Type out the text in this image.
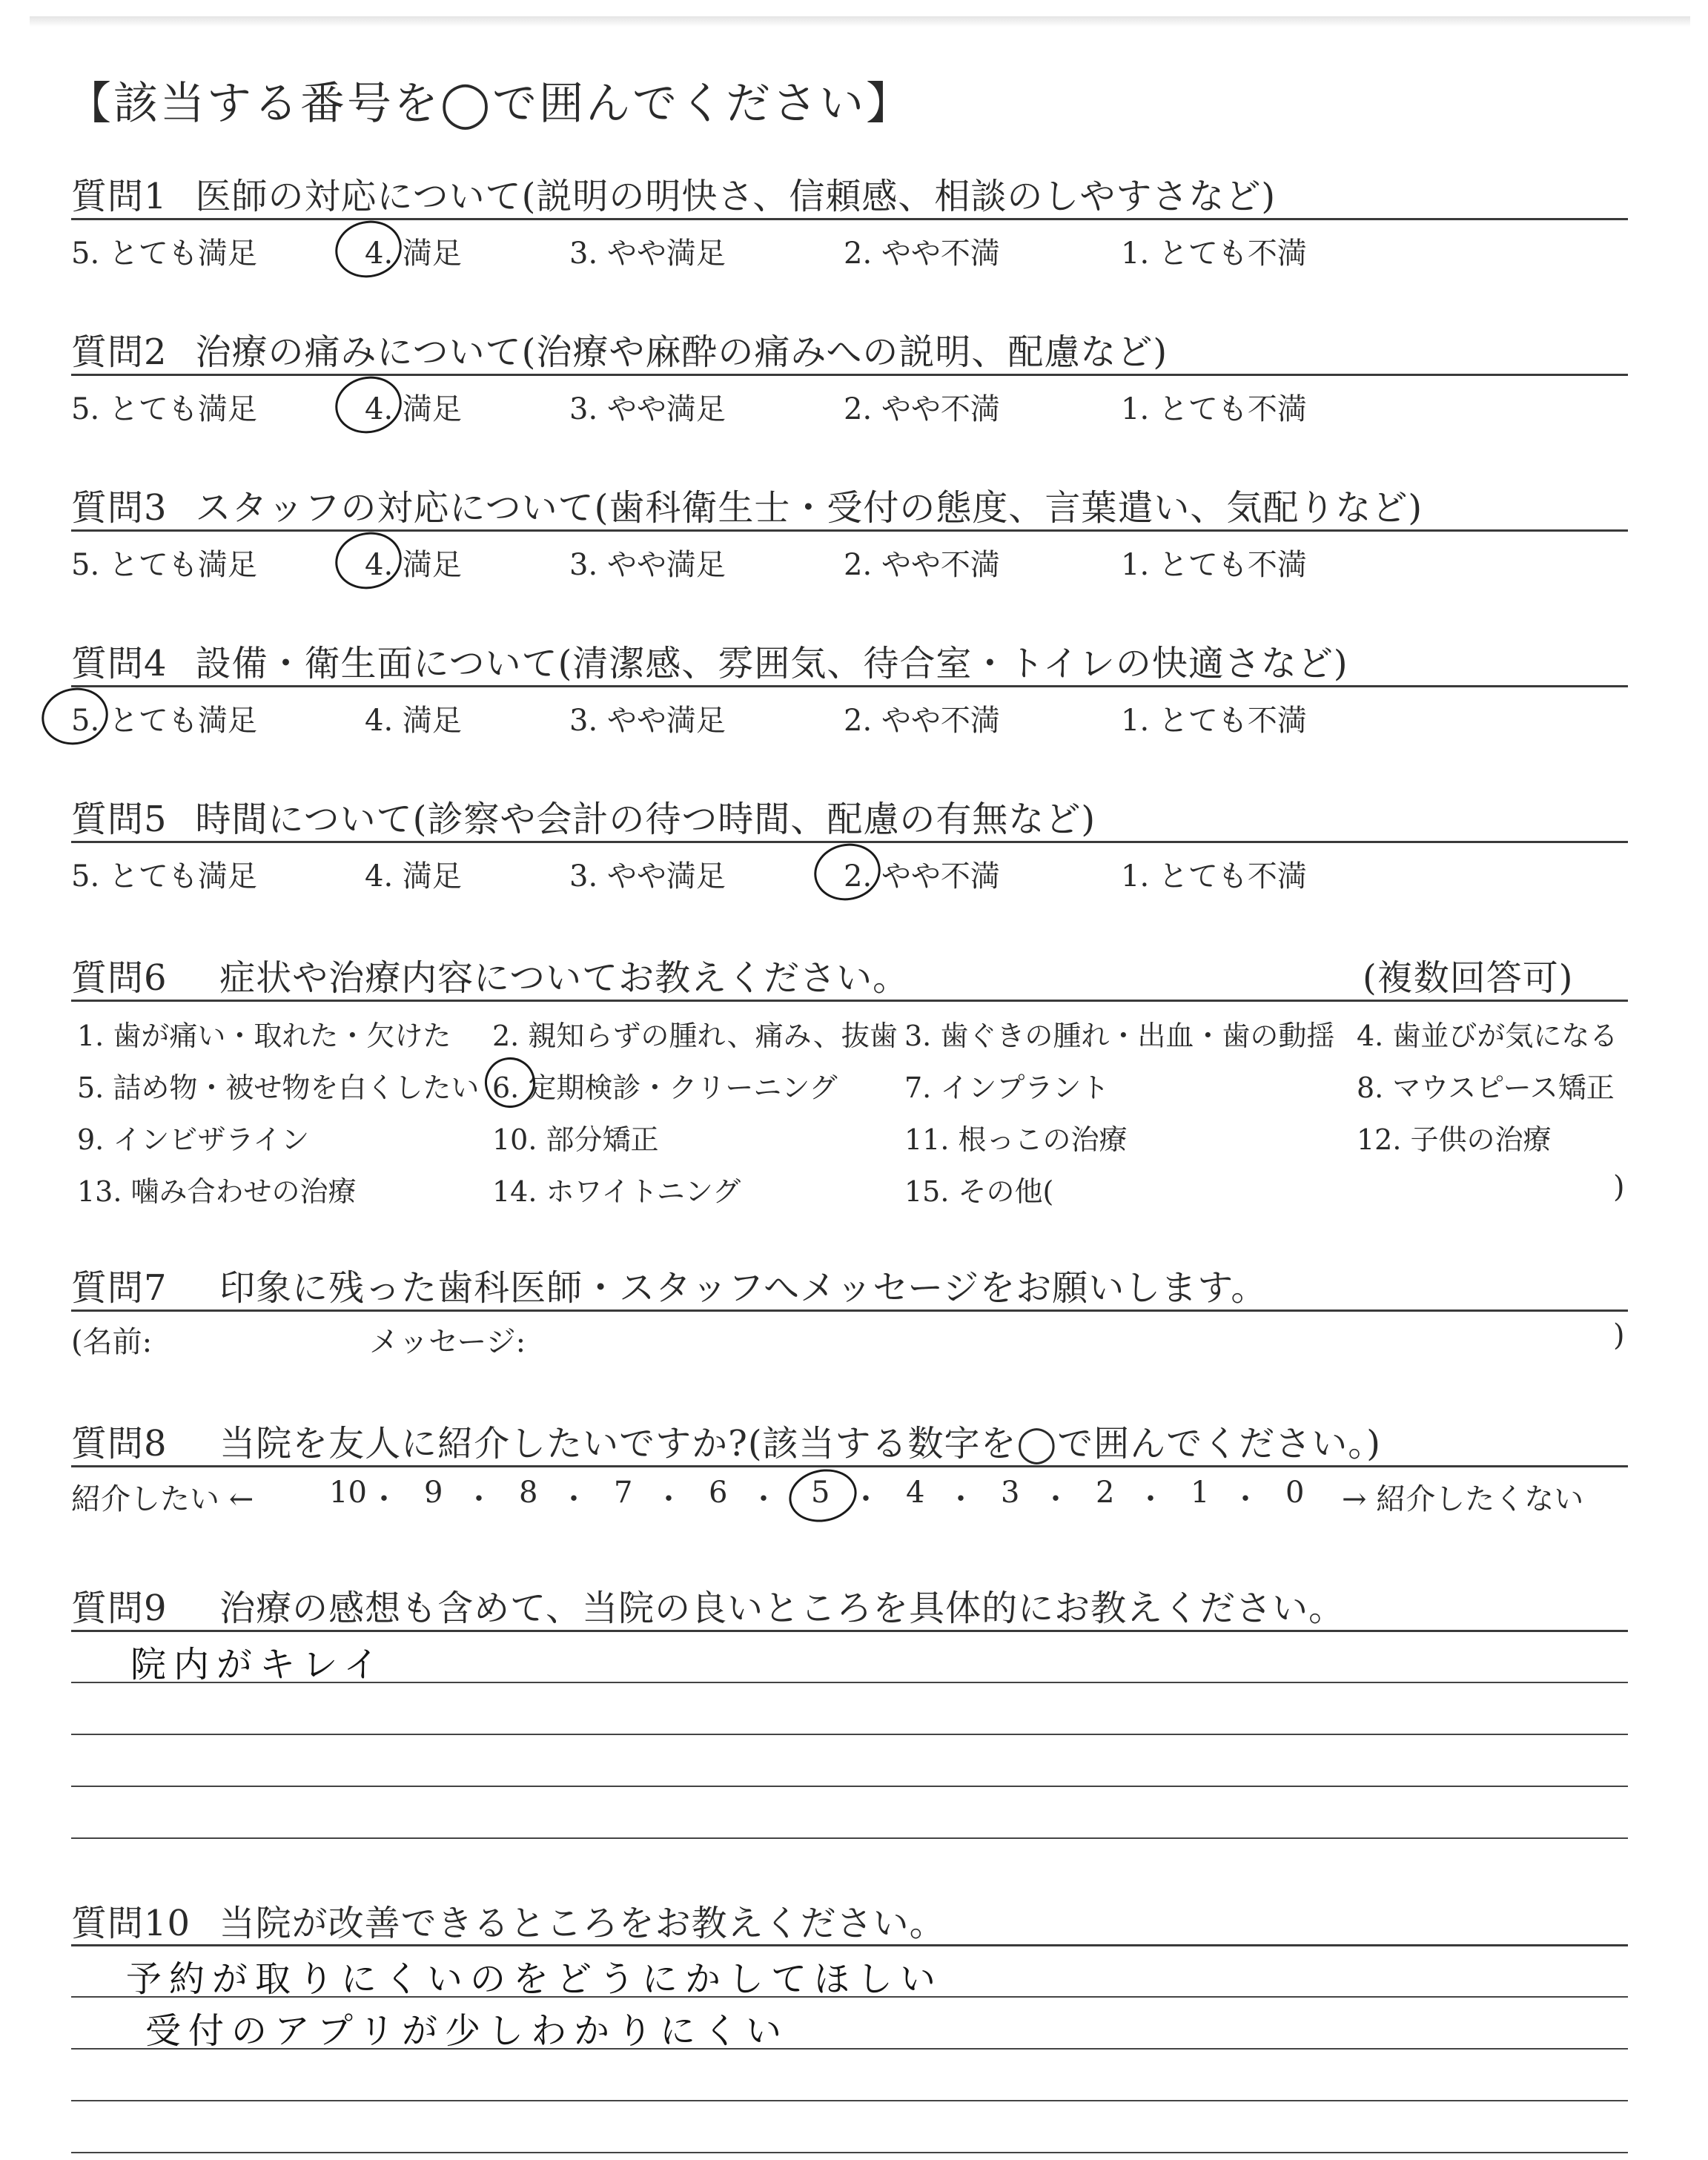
【該当する番号を◯で囲んでください】
質問1 医師の対応について(説明の明快さ、信頼感、相談のしやすさなど)
5. とても満足	4. 満足	3. やや満足	2. やや不満	1. とても不満
質問2 治療の痛みについて(治療や麻酔の痛みへの説明、配慮など)
5. とても満足	4. 満足	3. やや満足	2. やや不満	1. とても不満
質問3 スタッフの対応について(歯科衛生士・受付の態度、言葉遣い、気配りなど)
5. とても満足	4. 満足	3. やや満足	2. やや不満	1. とても不満
質問4 設備・衛生面について(清潔感、雰囲気、待合室・トイレの快適さなど)
5. とても満足	4. 満足	3. やや満足	2. やや不満	1. とても不満
質問5 時間について(診察や会計の待つ時間、配慮の有無など)
5. とても満足	4. 満足	3. やや満足	2. やや不満	1. とても不満
質問6 症状や治療内容についてお教えください。	(複数回答可)
1. 歯が痛い・取れた・欠けた 2. 親知らずの腫れ、痛み、抜歯 3. 歯ぐきの腫れ・出血・歯の動揺 4. 歯並びが気になる
5. 詰め物・被せ物を白くしたい 6. 定期検診・クリーニング 7. インプラント	8. マウスピース矯正
9. インビザライン	10. 部分矯正	11. 根っこの治療	12. 子供の治療
13. 噛み合わせの治療	14. ホワイトニング	15. その他(	)
質問7 印象に残った歯科医師・スタッフへメッセージをお願いします。
(名前:	メッセージ:	)
質問8 当院を友人に紹介したいですか?(該当する数字を◯で囲んでください。)
紹介したい ←	→ 紹介したくない
10 ・ 9 ・ 8 ・ 7 ・ 6 ・ 5 ・ 4 ・ 3 ・ 2 ・ 1 ・ 0
質問9 治療の感想も含めて、当院の良いところを具体的にお教えください。
院内がキレイ
質問10 当院が改善できるところをお教えください。
予約が取りにくいのをどうにかしてほしい
受付のアプリが少しわかりにくい
